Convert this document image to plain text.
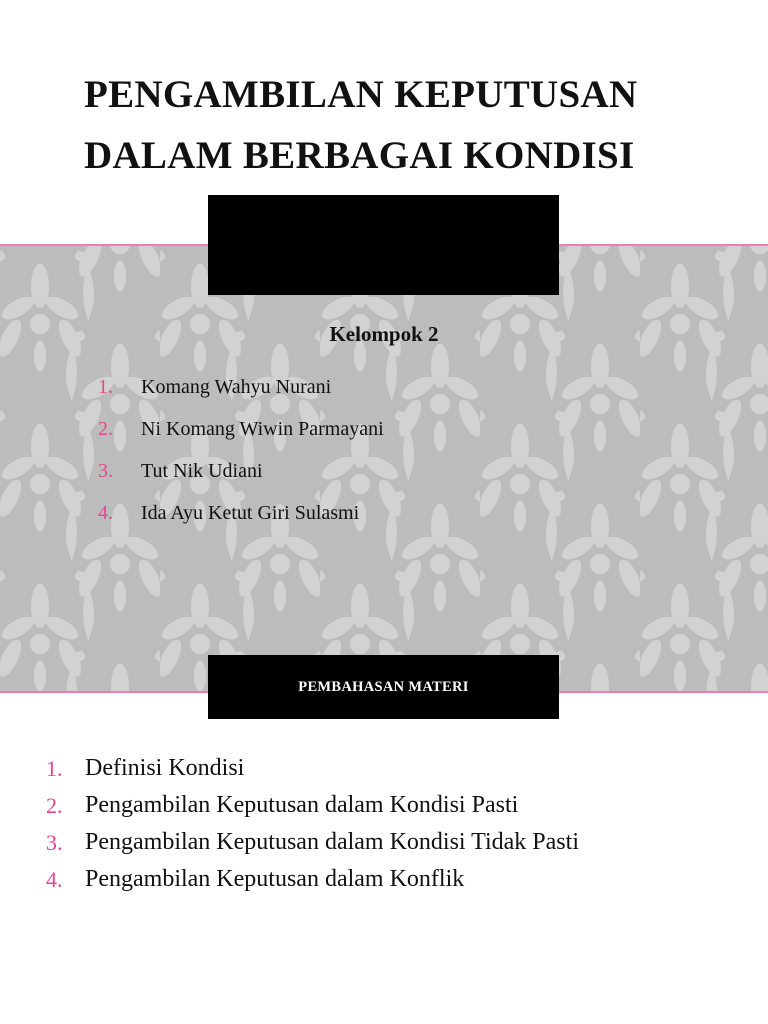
PENGAMBILAN KEPUTUSAN
DALAM BERBAGAI KONDISI
Kelompok 2
1.	Komang Wahyu Nurani
2.	Ni Komang Wiwin Parmayani
3.	Tut Nik Udiani
4.	Ida Ayu Ketut Giri Sulasmi
PEMBAHASAN MATERI
1. Definisi Kondisi
2. Pengambilan Keputusan dalam Kondisi Pasti
3. Pengambilan Keputusan dalam Kondisi Tidak Pasti
4. Pengambilan Keputusan dalam Konflik
